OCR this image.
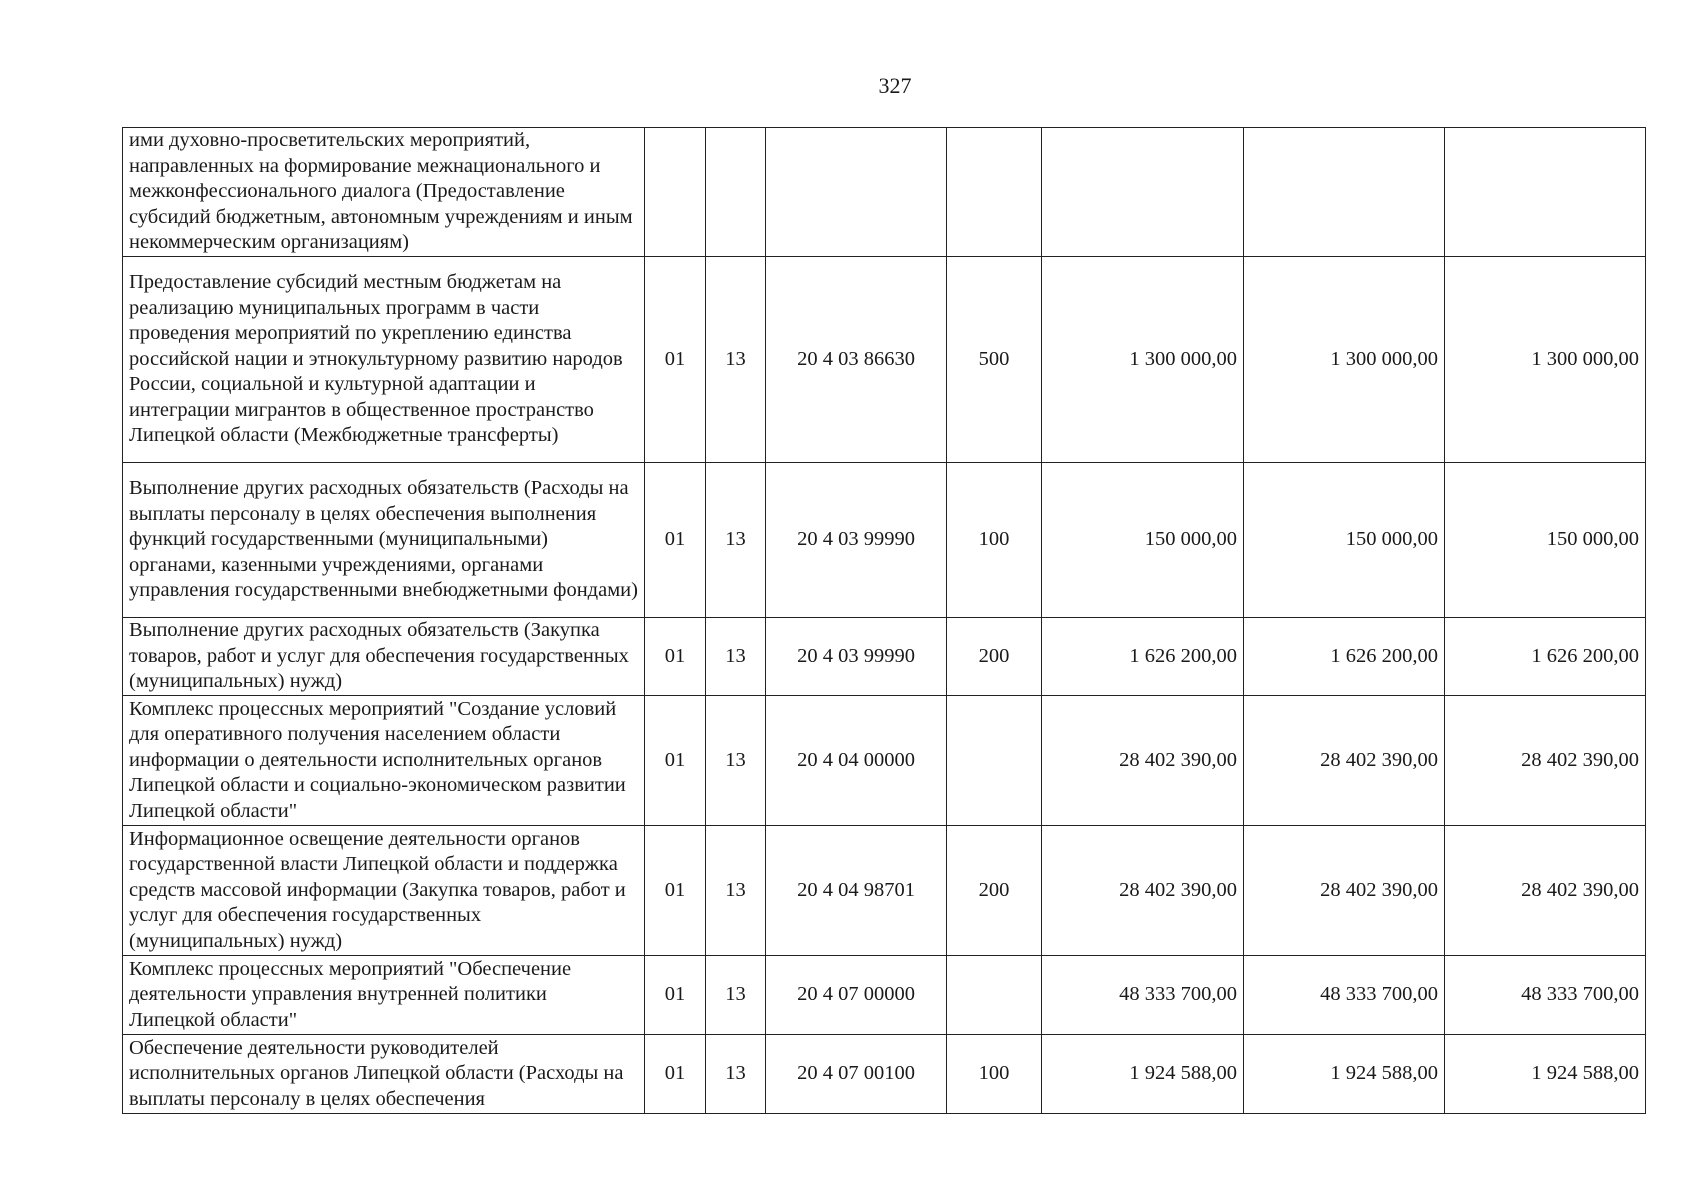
327
ими духовно-просветительских мероприятий, направленных на формирование межнационального и межконфессионального диалога (Предоставление субсидий бюджетным, автономным учреждениям и иным некоммерческим организациям)							
Предоставление субсидий местным бюджетам на реализацию муниципальных программ в части проведения мероприятий по укреплению единства российской нации и этнокультурному развитию народов России, социальной и культурной адаптации и интеграции мигрантов в общественное пространство Липецкой области (Межбюджетные трансферты)	01	13	20 4 03 86630	500	1 300 000,00	1 300 000,00	1 300 000,00
Выполнение других расходных обязательств (Расходы на выплаты персоналу в целях обеспечения выполнения функций государственными (муниципальными) органами, казенными учреждениями, органами управления государственными внебюджетными фондами)	01	13	20 4 03 99990	100	150 000,00	150 000,00	150 000,00
Выполнение других расходных обязательств (Закупка товаров, работ и услуг для обеспечения государственных (муниципальных) нужд)	01	13	20 4 03 99990	200	1 626 200,00	1 626 200,00	1 626 200,00
Комплекс процессных мероприятий "Создание условий для оперативного получения населением области информации о деятельности исполнительных органов Липецкой области и социально-экономическом развитии Липецкой области"	01	13	20 4 04 00000		28 402 390,00	28 402 390,00	28 402 390,00
Информационное освещение деятельности органов государственной власти Липецкой области и поддержка средств массовой информации (Закупка товаров, работ и услуг для обеспечения государственных (муниципальных) нужд)	01	13	20 4 04 98701	200	28 402 390,00	28 402 390,00	28 402 390,00
Комплекс процессных мероприятий "Обеспечение деятельности управления внутренней политики Липецкой области"	01	13	20 4 07 00000		48 333 700,00	48 333 700,00	48 333 700,00
Обеспечение деятельности руководителей исполнительных органов Липецкой области (Расходы на выплаты персоналу в целях обеспечения	01	13	20 4 07 00100	100	1 924 588,00	1 924 588,00	1 924 588,00
